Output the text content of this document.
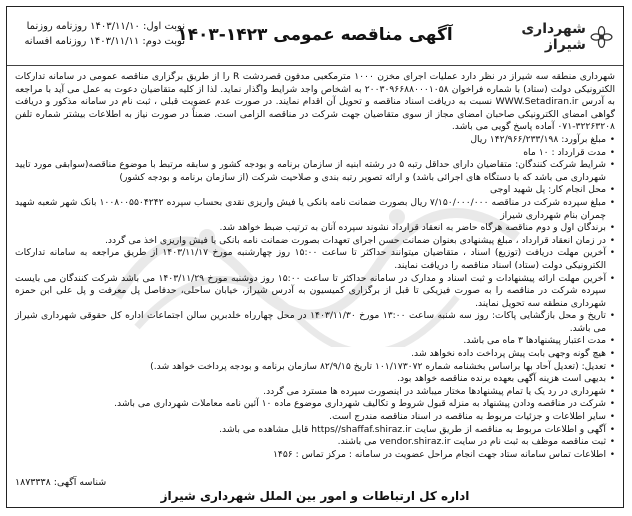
شهرداری شیراز
آگهی مناقصه عمومی ۱۴۲۳-۱۴۰۳
نوبت اول: ۱۴۰۳/۱۱/۱۰ روزنامه روزنما
نوبت دوم: ۱۴۰۳/۱۱/۱۱ روزنامه افسانه

شهرداری منطقه سه شیراز در نظر دارد عملیات اجرای مخزن ۱۰۰۰ مترمکعبی مدفون قصردشت R را از طریق برگزاری مناقصه عمومی در سامانه تدارکات الکترونیکی دولت (ستاد) با شماره فراخوان ۲۰۰۳۰۹۶۶۸۸۰۰۰۱۰۵۸ به اشخاص واجد شرایط واگذار نماید. لذا از کلیه متقاضیان دعوت به عمل می آید با مراجعه به آدرس WWW.Setadiran.ir نسبت به دریافت اسناد مناقصه و تحویل آن اقدام نمایند. در صورت عدم عضویت قبلی ، ثبت نام در سامانه مذکور و دریافت گواهی امضای الکترونیکی صاحبان امضای مجاز از سوی متقاضیان جهت شرکت در مناقصه الزامی است. ضمناً در صورت نیاز به اطلاعات بیشتر شماره تلفن ۳۲۲۶۳۲۰۸-۰۷۱ آماده پاسخ گویی می باشد.

• مبلغ برآورد: ۱۴۲/۹۶۶/۲۳۳/۱۹۸ ریال
• مدت قرارداد : ۱۰ ماه
• شرایط شرکت کنندگان: متقاضیان دارای حداقل رتبه ۵ در رشته ابنیه از سازمان برنامه و بودجه کشور و سابقه مرتبط با موضوع مناقصه(سوابقی مورد تایید شهرداری می باشد که با دستگاه های اجرائی باشد) و ارائه تصویر رتبه بندی و صلاحیت شرکت (از سازمان برنامه و بودجه کشور)
• محل انجام کار: پل شهید اوجی
• مبلغ سپرده شرکت در مناقصه ۷/۱۵۰/۰۰۰/۰۰۰ ریال بصورت ضمانت نامه بانکی یا فیش واریزی نقدی بحساب سپرده ۱۰۰۸۰۰۵۵۰۴۲۴۲ بانک شهر شعبه شهید چمران بنام شهرداری شیراز
• برندگان اول و دوم مناقصه هرگاه حاضر به انعقاد قرارداد نشوند سپرده آنان به ترتیب ضبط خواهد شد.
• در زمان انعقاد قرارداد ، مبلغ پیشنهادی بعنوان ضمانت حسن اجرای تعهدات بصورت ضمانت نامه بانکی یا فیش واریزی اخذ می گردد.
• آخرین مهلت دریافت (توزیع) اسناد ، متقاضیان میتوانند حداکثر تا ساعت ۱۵:۰۰ روز چهارشنبه مورخ ۱۴۰۳/۱۱/۱۷ از طریق مراجعه به سامانه تدارکات الکترونیکی دولت (ستاد) اسناد مناقصه را دریافت نمایند.
• آخرین مهلت ارائه پیشنهادات و ثبت اسناد و مدارک در سامانه حداکثر تا ساعت ۱۵:۰۰ روز دوشنبه مورخ ۱۴۰۳/۱۱/۲۹ می باشد شرکت کنندگان می بایست سپرده شرکت در مناقصه را به صورت فیزیکی تا قبل از برگزاری کمیسیون به آدرس شیراز، خیابان ساحلی، حدفاصل پل معرفت و پل علی ابن حمزه شهرداری منطقه سه تحویل نمایند.
• تاریخ و محل بازگشایی پاکات: روز سه شنبه ساعت ۱۳:۰۰ مورخ ۱۴۰۳/۱۱/۳۰ در محل چهارراه خلدبرین سالن اجتماعات اداره کل حقوقی شهرداری شیراز می باشد.
• مدت اعتبار پیشنهادها ۳ ماه می باشد.
• هیچ گونه وجهی بابت پیش پرداخت داده نخواهد شد.
• تعدیل: (تعدیل آحاد بها براساس بخشنامه شماره ۱۰۱/۱۷۳۰۷۲ تاریخ ۸۲/۹/۱۵ سازمان برنامه و بودجه پرداخت خواهد شد.)
• بدیهی است هزینه آگهی بعهده برنده مناقصه خواهد بود.
• شهرداری در رد یک یا تمام پیشنهادها مختار میباشد در اینصورت سپرده ها مسترد می گردد.
• شرکت در مناقصه ودادن پیشنهاد به منزله قبول شروط و تکالیف شهرداری موضوع ماده ۱۰ آئین نامه معاملات شهرداری می باشد.
• سایر اطلاعات و جزئیات مربوط به مناقصه در اسناد مناقصه مندرج است.
• آگهی و اطلاعات مربوط به مناقصه از طریق سایت https//shaffaf.shiraz.ir قابل مشاهده می باشد.
• ثبت مناقصه موظف به ثبت نام در سایت vendor.shiraz.ir می باشند.
• اطلاعات تماس سامانه ستاد جهت انجام مراحل عضویت در سامانه : مرکز تماس : ۱۴۵۶
شناسه آگهی: ۱۸۷۳۳۳۸
اداره کل ارتباطات و امور بین الملل شهرداری شیراز
